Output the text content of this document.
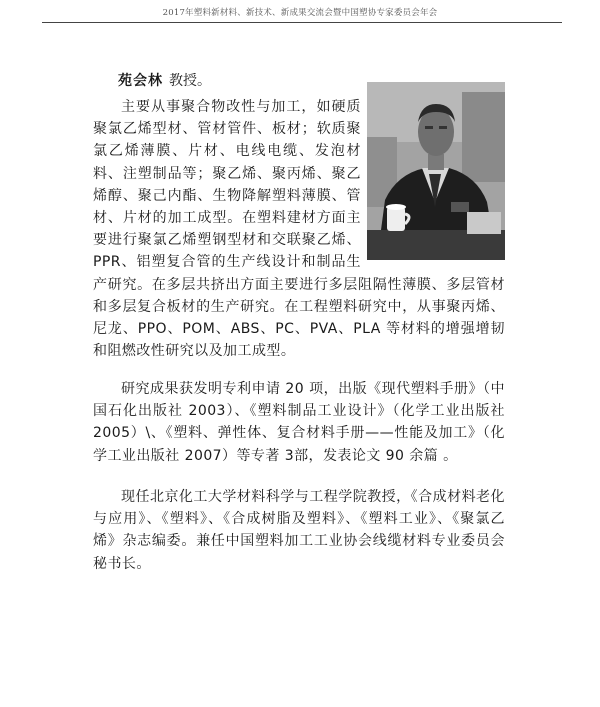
2017年塑料新材料、新技术、新成果交流会暨中国塑协专家委员会年会
苑会林 教授。
主要从事聚合物改性与加工，如硬质聚氯乙烯型材、管材管件、板材；软质聚氯乙烯薄膜、片材、电线电缆、发泡材料、注塑制品等；聚乙烯、聚丙烯、聚乙烯醇、聚己内酯、生物降解塑料薄膜、管材、片材的加工成型。在塑料建材方面主要进行聚氯乙烯塑钢型材和交联聚乙烯、PPR、铝塑复合管的生产线设计和制品生产研究。在多层共挤出方面主要进行多层阻隔性薄膜、多层管材和多层复合板材的生产研究。在工程塑料研究中，从事聚丙烯、尼龙、PPO、POM、ABS、PC、PVA、PLA 等材料的增强增韧和阻燃改性研究以及加工成型。
研究成果获发明专利申请 20 项，出版《现代塑料手册》（中国石化出版社 2003）、《塑料制品工业设计》（化学工业出版社 2005）\、《塑料、弹性体、复合材料手册——性能及加工》（化学工业出版社 2007）等专著 3部，发表论文 90 余篇 。
现任北京化工大学材料科学与工程学院教授，《合成材料老化与应用》、《塑料》、《合成树脂及塑料》、《塑料工业》、《聚氯乙烯》杂志编委。兼任中国塑料加工工业协会线缆材料专业委员会秘书长。
